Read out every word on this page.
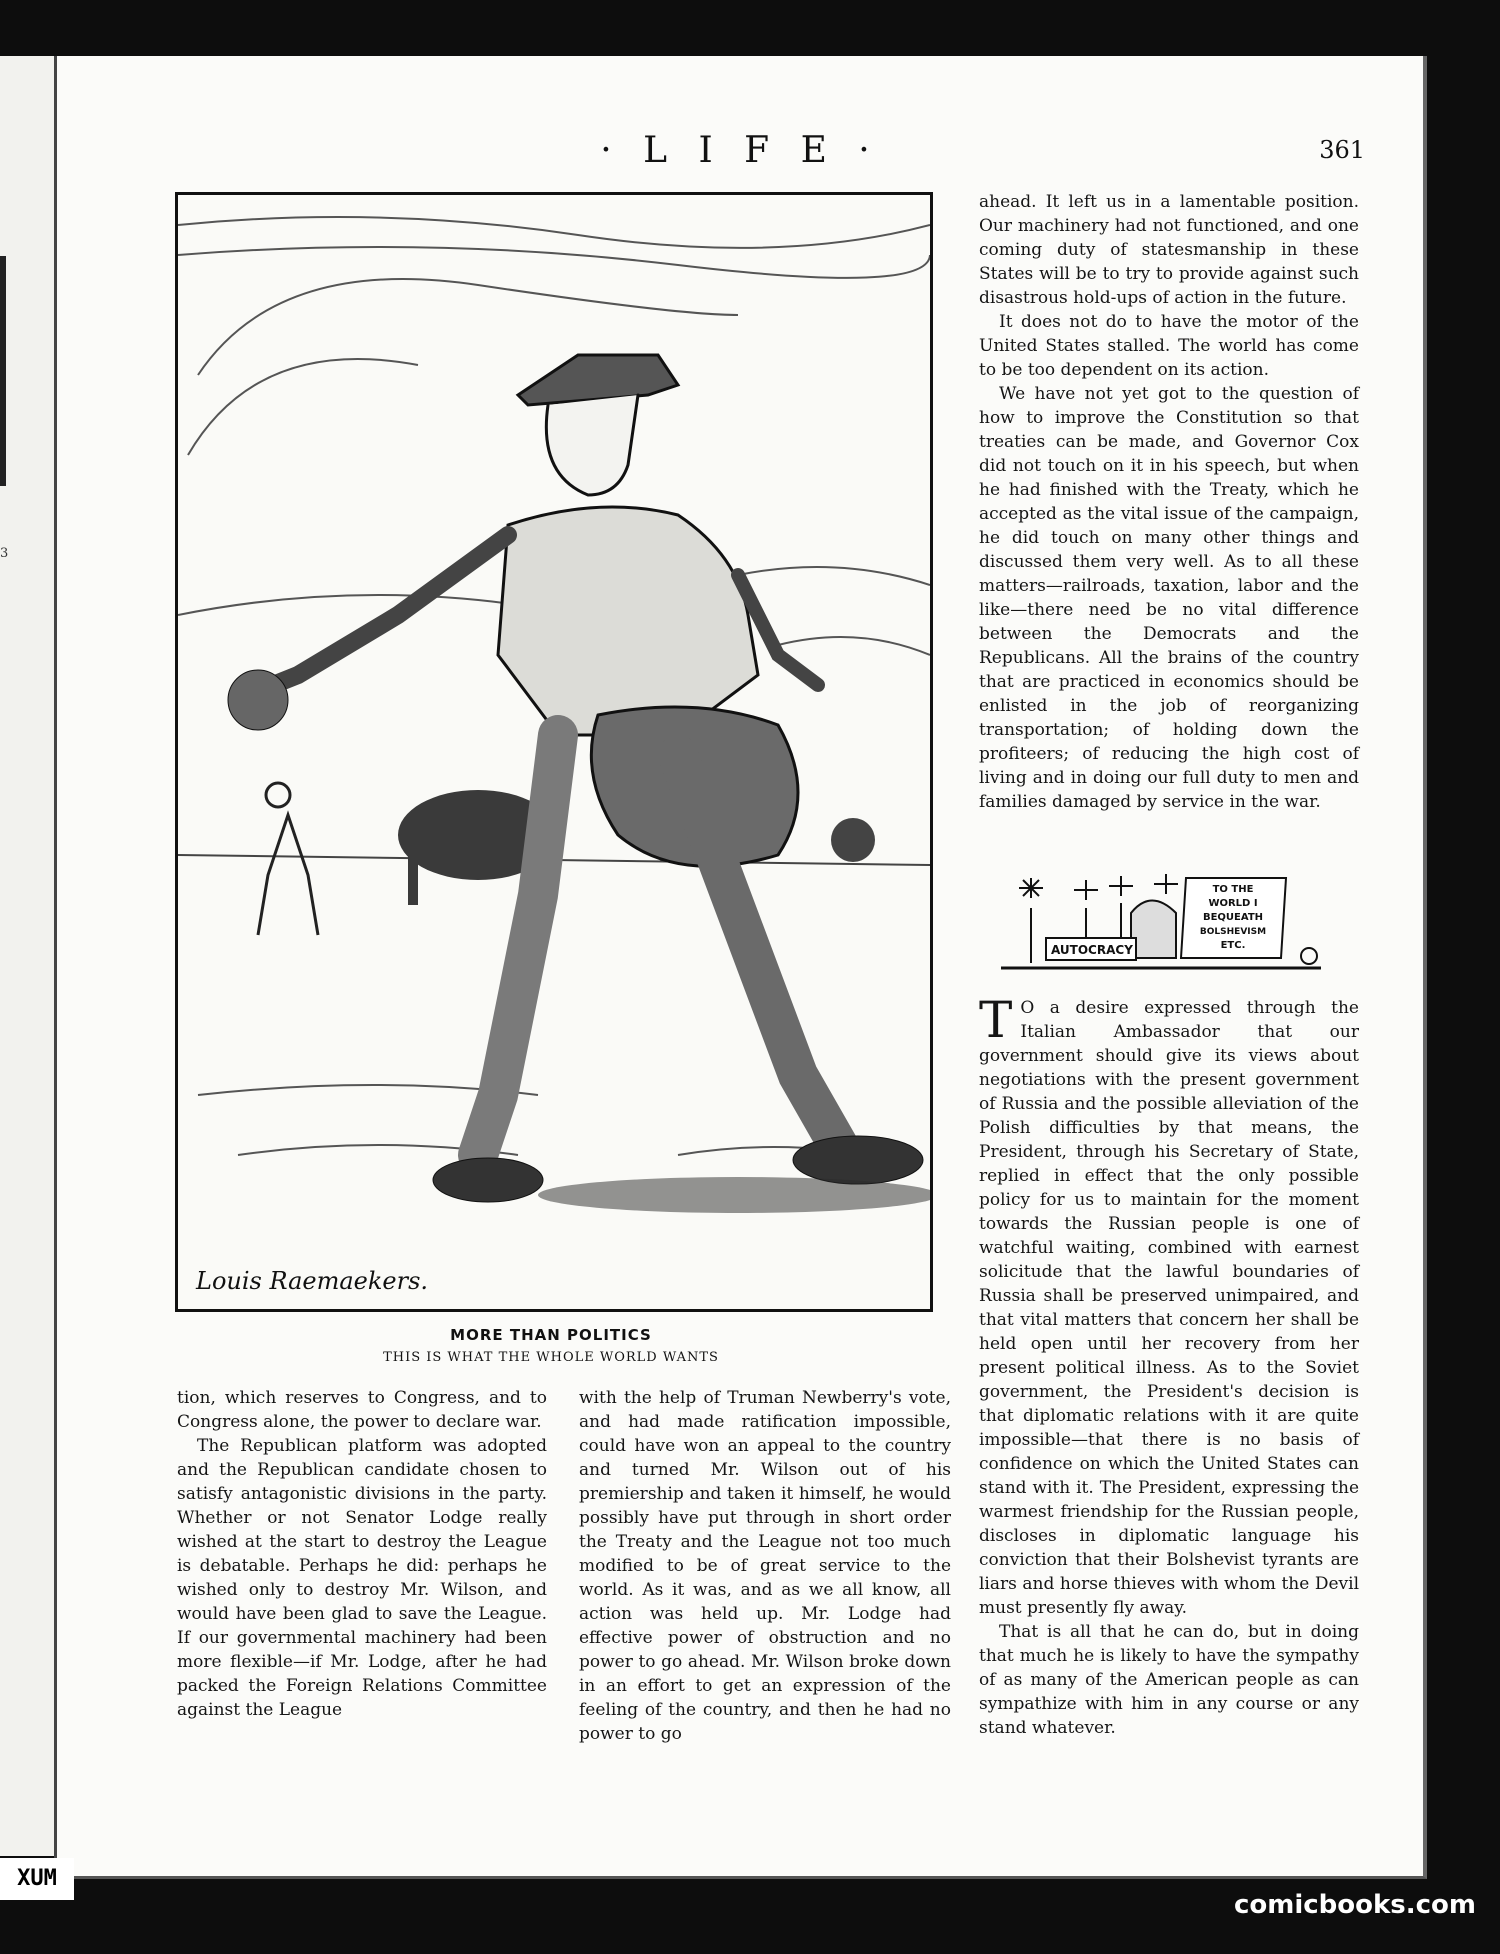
3
· L I F E ·	361
Louis Raemaekers.
MORE THAN POLITICS
THIS IS WHAT THE WHOLE WORLD WANTS

tion, which reserves to Congress, and to Congress alone, the power to declare war.

The Republican platform was adopted and the Republican candidate chosen to satisfy antagonistic divisions in the party. Whether or not Senator Lodge really wished at the start to destroy the League is debatable. Perhaps he did: perhaps he wished only to destroy Mr. Wilson, and would have been glad to save the League. If our governmental machinery had been more flexible—if Mr. Lodge, after he had packed the Foreign Relations Committee against the League

with the help of Truman Newberry's vote, and had made ratification impossible, could have won an appeal to the country and turned Mr. Wilson out of his premiership and taken it himself, he would possibly have put through in short order the Treaty and the League not too much modified to be of great service to the world. As it was, and as we all know, all action was held up. Mr. Lodge had effective power of obstruction and no power to go ahead. Mr. Wilson broke down in an effort to get an expression of the feeling of the country, and then he had no power to go

ahead. It left us in a lamentable position. Our machinery had not functioned, and one coming duty of statesmanship in these States will be to try to provide against such disastrous hold-ups of action in the future.

It does not do to have the motor of the United States stalled. The world has come to be too dependent on its action.

We have not yet got to the question of how to improve the Constitution so that treaties can be made, and Governor Cox did not touch on it in his speech, but when he had finished with the Treaty, which he accepted as the vital issue of the campaign, he did touch on many other things and discussed them very well. As to all these matters—railroads, taxation, labor and the like—there need be no vital difference between the Democrats and the Republicans. All the brains of the country that are practiced in economics should be enlisted in the job of reorganizing transportation; of holding down the profiteers; of reducing the high cost of living and in doing our full duty to men and families damaged by service in the war.

AUTOCRACY
TO THE
WORLD I
BEQUEATH
BOLSHEVISM
ETC.

T O a desire expressed through the Italian Ambassador that our government should give its views about negotiations with the present government of Russia and the possible alleviation of the Polish difficulties by that means, the President, through his Secretary of State, replied in effect that the only possible policy for us to maintain for the moment towards the Russian people is one of watchful waiting, combined with earnest solicitude that the lawful boundaries of Russia shall be preserved unimpaired, and that vital matters that concern her shall be held open until her recovery from her present political illness. As to the Soviet government, the President's decision is that diplomatic relations with it are quite impossible—that there is no basis of confidence on which the United States can stand with it. The President, expressing the warmest friendship for the Russian people, discloses in diplomatic language his conviction that their Bolshevist tyrants are liars and horse thieves with whom the Devil must presently fly away.

That is all that he can do, but in doing that much he is likely to have the sympathy of as many of the American people as can sympathize with him in any course or any stand whatever.

XUM
comicbooks.com
